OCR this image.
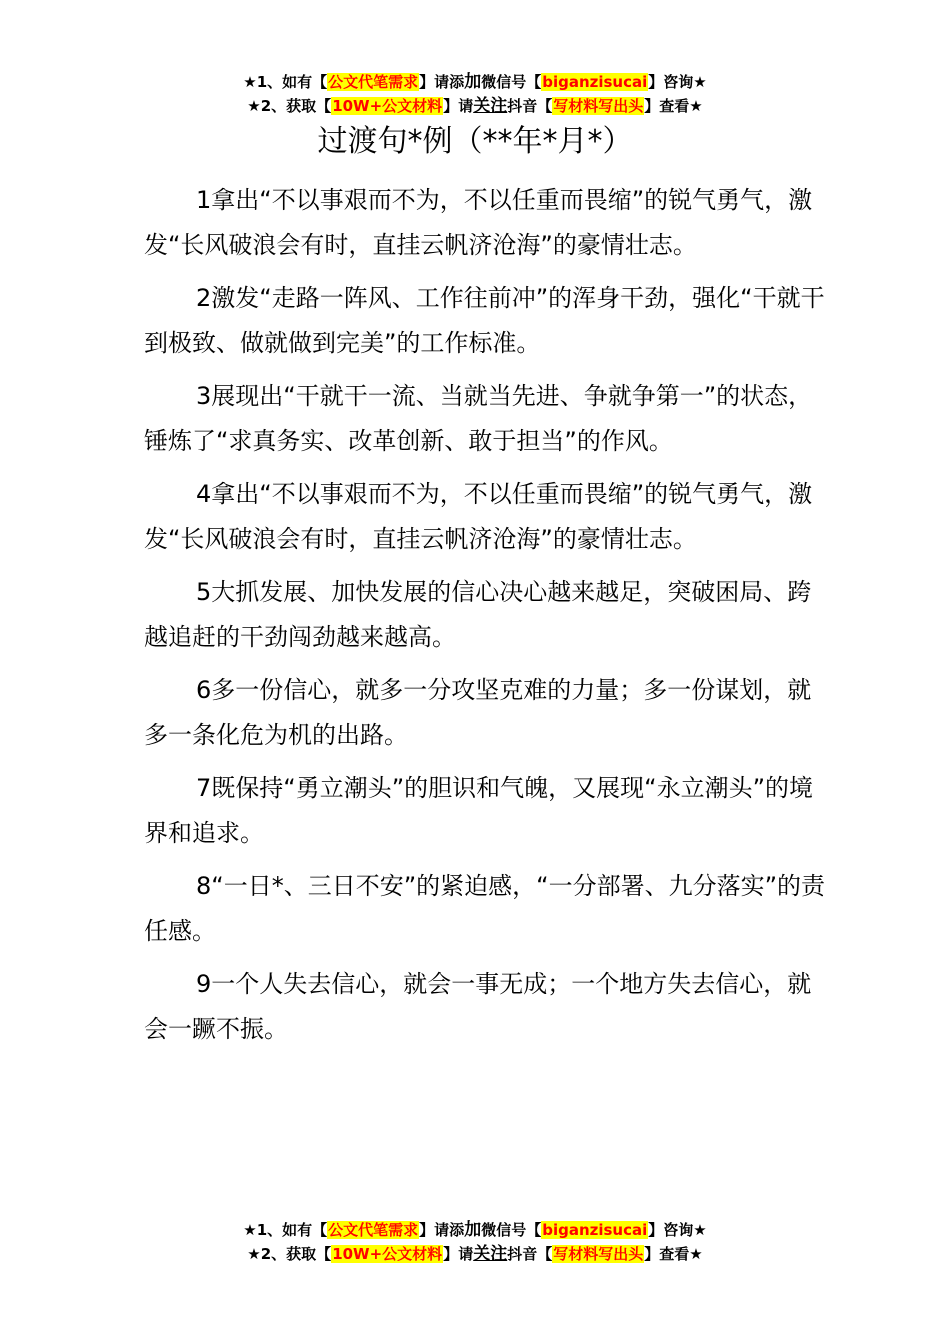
★1、如有【公文代笔需求】请添加微信号【biganzisucai】咨询★
★2、获取【10W+公文材料】请关注抖音【写材料写出头】查看★
过渡句*例（**年*月*）

1拿出“不以事艰而不为，不以任重而畏缩”的锐气勇气，激发“长风破浪会有时，直挂云帆济沧海”的豪情壮志。

2激发“走路一阵风、工作往前冲”的浑身干劲，强化“干就干到极致、做就做到完美”的工作标准。

3展现出“干就干一流、当就当先进、争就争第一”的状态，锤炼了“求真务实、改革创新、敢于担当”的作风。

4拿出“不以事艰而不为，不以任重而畏缩”的锐气勇气，激发“长风破浪会有时，直挂云帆济沧海”的豪情壮志。

5大抓发展、加快发展的信心决心越来越足，突破困局、跨越追赶的干劲闯劲越来越高。

6多一份信心，就多一分攻坚克难的力量；多一份谋划，就多一条化危为机的出路。

7既保持“勇立潮头”的胆识和气魄，又展现“永立潮头”的境界和追求。

8“一日*、三日不安”的紧迫感，“一分部署、九分落实”的责任感。

9一个人失去信心，就会一事无成；一个地方失去信心，就会一蹶不振。

★1、如有【公文代笔需求】请添加微信号【biganzisucai】咨询★
★2、获取【10W+公文材料】请关注抖音【写材料写出头】查看★
